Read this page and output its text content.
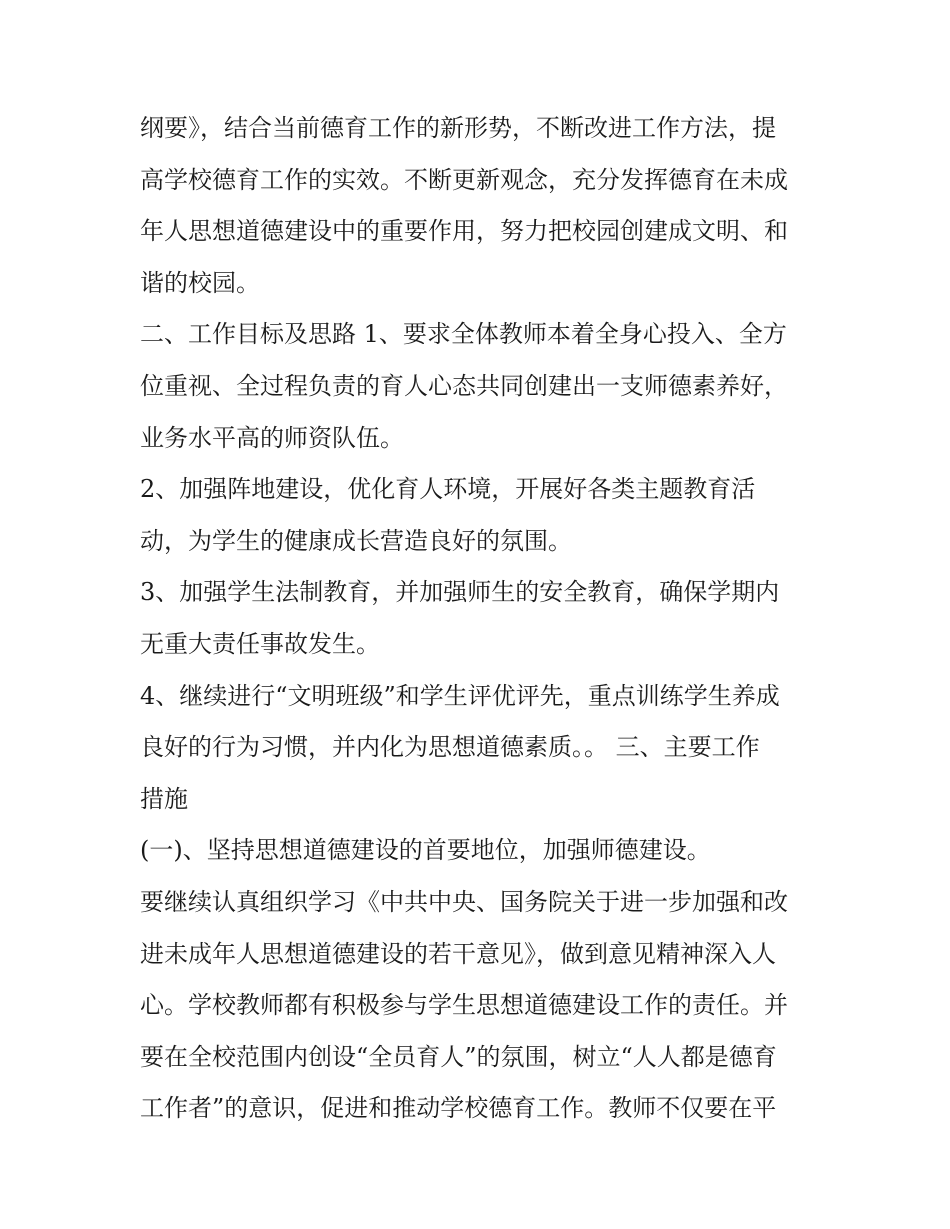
纲要》，结合当前德育工作的新形势，不断改进工作方法，提
高学校德育工作的实效。不断更新观念，充分发挥德育在未成
年人思想道德建设中的重要作用，努力把校园创建成文明、和
谐的校园。
二、工作目标及思路 1、要求全体教师本着全身心投入、全方
位重视、全过程负责的育人心态共同创建出一支师德素养好，
业务水平高的师资队伍。
2、加强阵地建设，优化育人环境，开展好各类主题教育活
动，为学生的健康成长营造良好的氛围。
3、加强学生法制教育，并加强师生的安全教育，确保学期内
无重大责任事故发生。
4、继续进行“文明班级”和学生评优评先，重点训练学生养成
良好的行为习惯，并内化为思想道德素质。。 三、主要工作
措施
(一)、坚持思想道德建设的首要地位，加强师德建设。
要继续认真组织学习《中共中央、国务院关于进一步加强和改
进未成年人思想道德建设的若干意见》，做到意见精神深入人
心。学校教师都有积极参与学生思想道德建设工作的责任。并
要在全校范围内创设“全员育人”的氛围，树立“人人都是德育
工作者”的意识，促进和推动学校德育工作。教师不仅要在平
